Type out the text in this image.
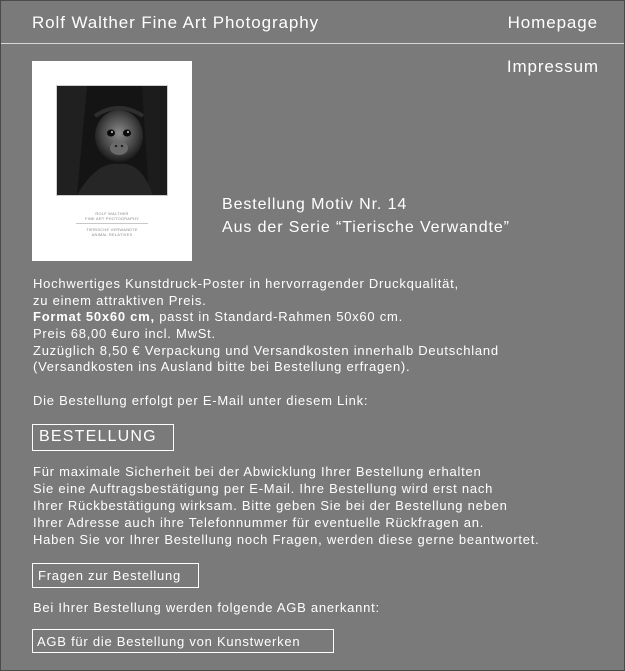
Rolf Walther Fine Art Photography	Homepage
Impressum
ROLF WALTHER
FINE ART PHOTOGRAPHY
TIERISCHE VERWANDTE
ANIMAL RELATIVES
Bestellung Motiv Nr. 14
Aus der Serie “Tierische Verwandte”
Hochwertiges Kunstdruck-Poster in hervorragender Druckqualität,
zu einem attraktiven Preis.
Format 50x60 cm, passt in Standard-Rahmen 50x60 cm.
Preis 68,00 €uro incl. MwSt.
Zuzüglich 8,50 € Verpackung und Versandkosten innerhalb Deutschland
(Versandkosten ins Ausland bitte bei Bestellung erfragen).
Die Bestellung erfolgt per E-Mail unter diesem Link:
BESTELLUNG
Für maximale Sicherheit bei der Abwicklung Ihrer Bestellung erhalten
Sie eine Auftragsbestätigung per E-Mail. Ihre Bestellung wird erst nach
Ihrer Rückbestätigung wirksam. Bitte geben Sie bei der Bestellung neben
Ihrer Adresse auch ihre Telefonnummer für eventuelle Rückfragen an.
Haben Sie vor Ihrer Bestellung noch Fragen, werden diese gerne beantwortet.
Fragen zur Bestellung
Bei Ihrer Bestellung werden folgende AGB anerkannt:
AGB für die Bestellung von Kunstwerken
